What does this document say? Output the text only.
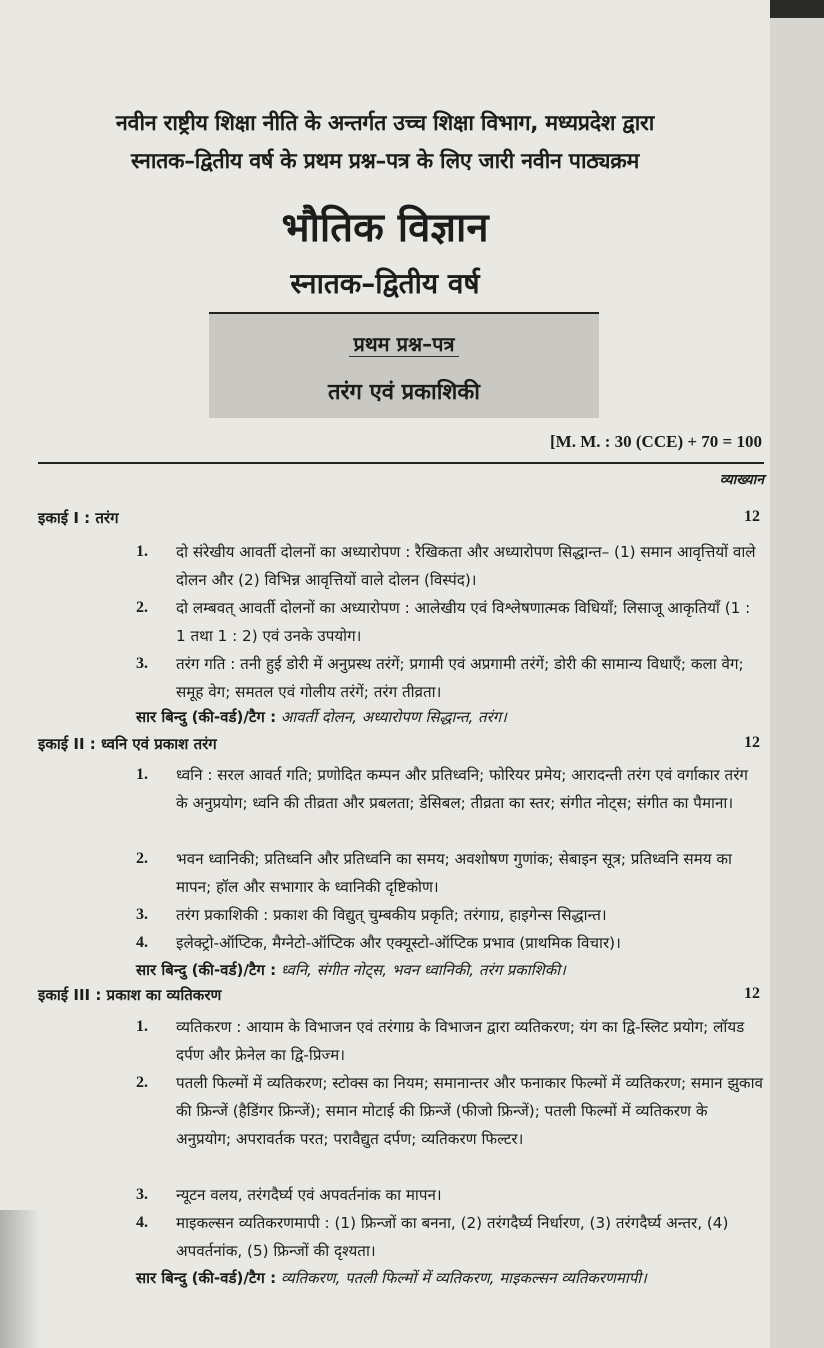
नवीन राष्ट्रीय शिक्षा नीति के अन्तर्गत उच्च शिक्षा विभाग, मध्यप्रदेश द्वारा
स्नातक–द्वितीय वर्ष के प्रथम प्रश्न–पत्र के लिए जारी नवीन पाठ्यक्रम
भौतिक विज्ञान
स्नातक–द्वितीय वर्ष
प्रथम प्रश्न–पत्र
तरंग एवं प्रकाशिकी
[M. M. : 30 (CCE) + 70 = 100
व्याख्यान
इकाई I : तरंग	12
1. दो संरेखीय आवर्ती दोलनों का अध्यारोपण : रैखिकता और अध्यारोपण सिद्धान्त– (1) समान आवृत्तियों वाले दोलन और (2) विभिन्न आवृत्तियों वाले दोलन (विस्पंद)।
2. दो लम्बवत् आवर्ती दोलनों का अध्यारोपण : आलेखीय एवं विश्लेषणात्मक विधियाँ; लिसाजू आकृतियाँ (1 : 1 तथा 1 : 2) एवं उनके उपयोग।
3. तरंग गति : तनी हुई डोरी में अनुप्रस्थ तरंगें; प्रगामी एवं अप्रगामी तरंगें; डोरी की सामान्य विधाएँ; कला वेग; समूह वेग; समतल एवं गोलीय तरंगें; तरंग तीव्रता।
सार बिन्दु (की-वर्ड)/टैग : आवर्ती दोलन, अध्यारोपण सिद्धान्त, तरंग।
इकाई II : ध्वनि एवं प्रकाश तरंग	12
1. ध्वनि : सरल आवर्त गति; प्रणोदित कम्पन और प्रतिध्वनि; फोरियर प्रमेय; आरादन्ती तरंग एवं वर्गाकार तरंग के अनुप्रयोग; ध्वनि की तीव्रता और प्रबलता; डेसिबल; तीव्रता का स्तर; संगीत नोट्स; संगीत का पैमाना।
2. भवन ध्वानिकी; प्रतिध्वनि और प्रतिध्वनि का समय; अवशोषण गुणांक; सेबाइन सूत्र; प्रतिध्वनि समय का मापन; हॉल और सभागार के ध्वानिकी दृष्टिकोण।
3. तरंग प्रकाशिकी : प्रकाश की विद्युत् चुम्बकीय प्रकृति; तरंगाग्र, हाइगेन्स सिद्धान्त।
4. इलेक्ट्रो-ऑप्टिक, मैग्नेटो-ऑप्टिक और एक्यूस्टो-ऑप्टिक प्रभाव (प्राथमिक विचार)।
सार बिन्दु (की-वर्ड)/टैग : ध्वनि, संगीत नोट्स, भवन ध्वानिकी, तरंग प्रकाशिकी।
इकाई III : प्रकाश का व्यतिकरण	12
1. व्यतिकरण : आयाम के विभाजन एवं तरंगाग्र के विभाजन द्वारा व्यतिकरण; यंग का द्वि-स्लिट प्रयोग; लॉयड दर्पण और फ्रेनेल का द्वि-प्रिज्म।
2. पतली फिल्मों में व्यतिकरण; स्टोक्स का नियम; समानान्तर और फनाकार फिल्मों में व्यतिकरण; समान झुकाव की फ्रिन्जें (हैडिंगर फ्रिन्जें); समान मोटाई की फ्रिन्जें (फीजो फ्रिन्जें); पतली फिल्मों में व्यतिकरण के अनुप्रयोग; अपरावर्तक परत; परावैद्युत दर्पण; व्यतिकरण फिल्टर।
3. न्यूटन वलय, तरंगदैर्घ्य एवं अपवर्तनांक का मापन।
4. माइकल्सन व्यतिकरणमापी : (1) फ्रिन्जों का बनना, (2) तरंगदैर्घ्य निर्धारण, (3) तरंगदैर्घ्य अन्तर, (4) अपवर्तनांक, (5) फ्रिन्जों की दृश्यता।
सार बिन्दु (की-वर्ड)/टैग : व्यतिकरण, पतली फिल्मों में व्यतिकरण, माइकल्सन व्यतिकरणमापी।
